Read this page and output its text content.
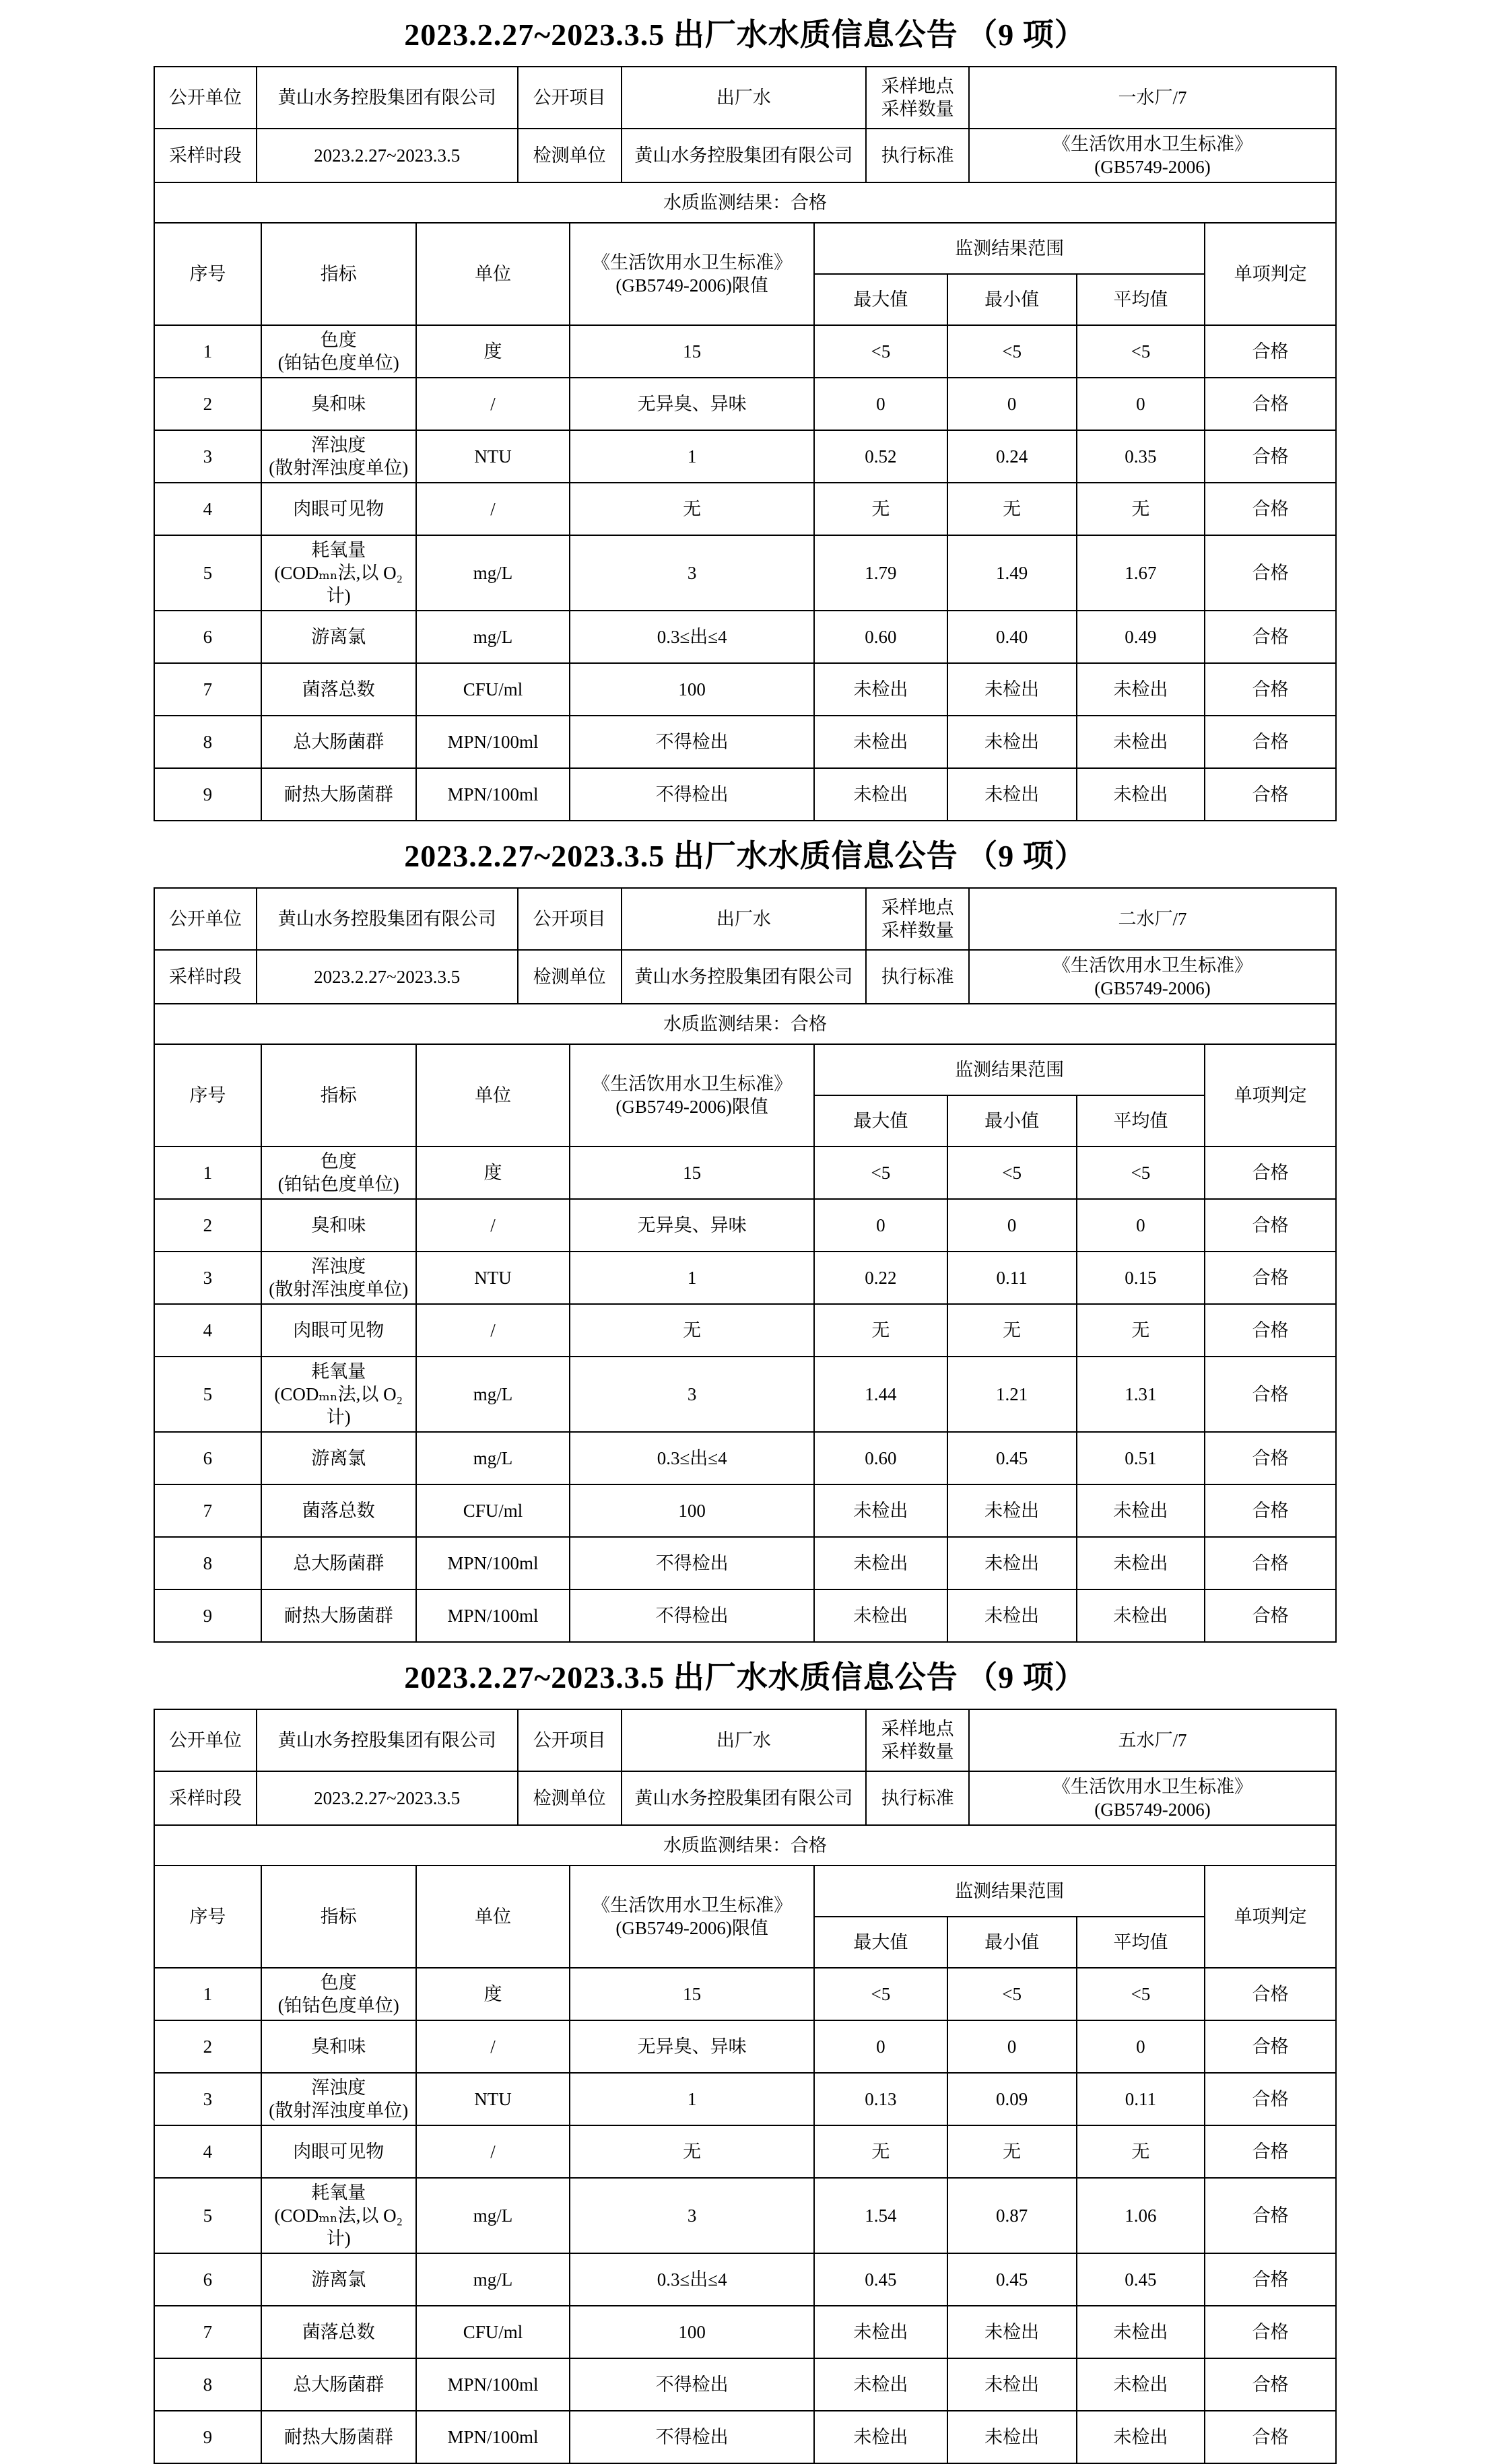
2023.2.27~2023.3.5 出厂水水质信息公告 （9 项）
公开单位	黄山水务控股集团有限公司	公开项目	出厂水	采样地点
采样数量	一水厂/7
采样时段	2023.2.27~2023.3.5	检测单位	黄山水务控股集团有限公司	执行标准	《生活饮用水卫生标准》
(GB5749-2006)

水质监测结果：合格					
序号	指标	单位	《生活饮用水卫生标准》
(GB5749-2006)限值	监测结果范围			单项判定
				最大值	最小值	平均值	
1	色度
(铂钴色度单位)	度	15	<5	<5	<5	合格
2	臭和味	/	无异臭、异味	0	0	0	合格
3	浑浊度
(散射浑浊度单位)	NTU	1	0.52	0.24	0.35	合格
4	肉眼可见物	/	无	无	无	无	合格
5	耗氧量
(CODₘₙ法,以 O₂计)	mg/L	3	1.79	1.49	1.67	合格
6	游离氯	mg/L	0.3≤出≤4	0.60	0.40	0.49	合格
7	菌落总数	CFU/ml	100	未检出	未检出	未检出	合格
8	总大肠菌群	MPN/100ml	不得检出	未检出	未检出	未检出	合格
9	耐热大肠菌群	MPN/100ml	不得检出	未检出	未检出	未检出	合格
2023.2.27~2023.3.5 出厂水水质信息公告 （9 项）
公开单位	黄山水务控股集团有限公司	公开项目	出厂水	采样地点
采样数量	二水厂/7
采样时段	2023.2.27~2023.3.5	检测单位	黄山水务控股集团有限公司	执行标准	《生活饮用水卫生标准》
(GB5749-2006)

水质监测结果：合格					
序号	指标	单位	《生活饮用水卫生标准》
(GB5749-2006)限值	监测结果范围			单项判定
				最大值	最小值	平均值	
1	色度
(铂钴色度单位)	度	15	<5	<5	<5	合格
2	臭和味	/	无异臭、异味	0	0	0	合格
3	浑浊度
(散射浑浊度单位)	NTU	1	0.22	0.11	0.15	合格
4	肉眼可见物	/	无	无	无	无	合格
5	耗氧量
(CODₘₙ法,以 O₂计)	mg/L	3	1.44	1.21	1.31	合格
6	游离氯	mg/L	0.3≤出≤4	0.60	0.45	0.51	合格
7	菌落总数	CFU/ml	100	未检出	未检出	未检出	合格
8	总大肠菌群	MPN/100ml	不得检出	未检出	未检出	未检出	合格
9	耐热大肠菌群	MPN/100ml	不得检出	未检出	未检出	未检出	合格
2023.2.27~2023.3.5 出厂水水质信息公告 （9 项）
公开单位	黄山水务控股集团有限公司	公开项目	出厂水	采样地点
采样数量	五水厂/7
采样时段	2023.2.27~2023.3.5	检测单位	黄山水务控股集团有限公司	执行标准	《生活饮用水卫生标准》
(GB5749-2006)

水质监测结果：合格					
序号	指标	单位	《生活饮用水卫生标准》
(GB5749-2006)限值	监测结果范围			单项判定
				最大值	最小值	平均值	
1	色度
(铂钴色度单位)	度	15	<5	<5	<5	合格
2	臭和味	/	无异臭、异味	0	0	0	合格
3	浑浊度
(散射浑浊度单位)	NTU	1	0.13	0.09	0.11	合格
4	肉眼可见物	/	无	无	无	无	合格
5	耗氧量
(CODₘₙ法,以 O₂计)	mg/L	3	1.54	0.87	1.06	合格
6	游离氯	mg/L	0.3≤出≤4	0.45	0.45	0.45	合格
7	菌落总数	CFU/ml	100	未检出	未检出	未检出	合格
8	总大肠菌群	MPN/100ml	不得检出	未检出	未检出	未检出	合格
9	耐热大肠菌群	MPN/100ml	不得检出	未检出	未检出	未检出	合格
